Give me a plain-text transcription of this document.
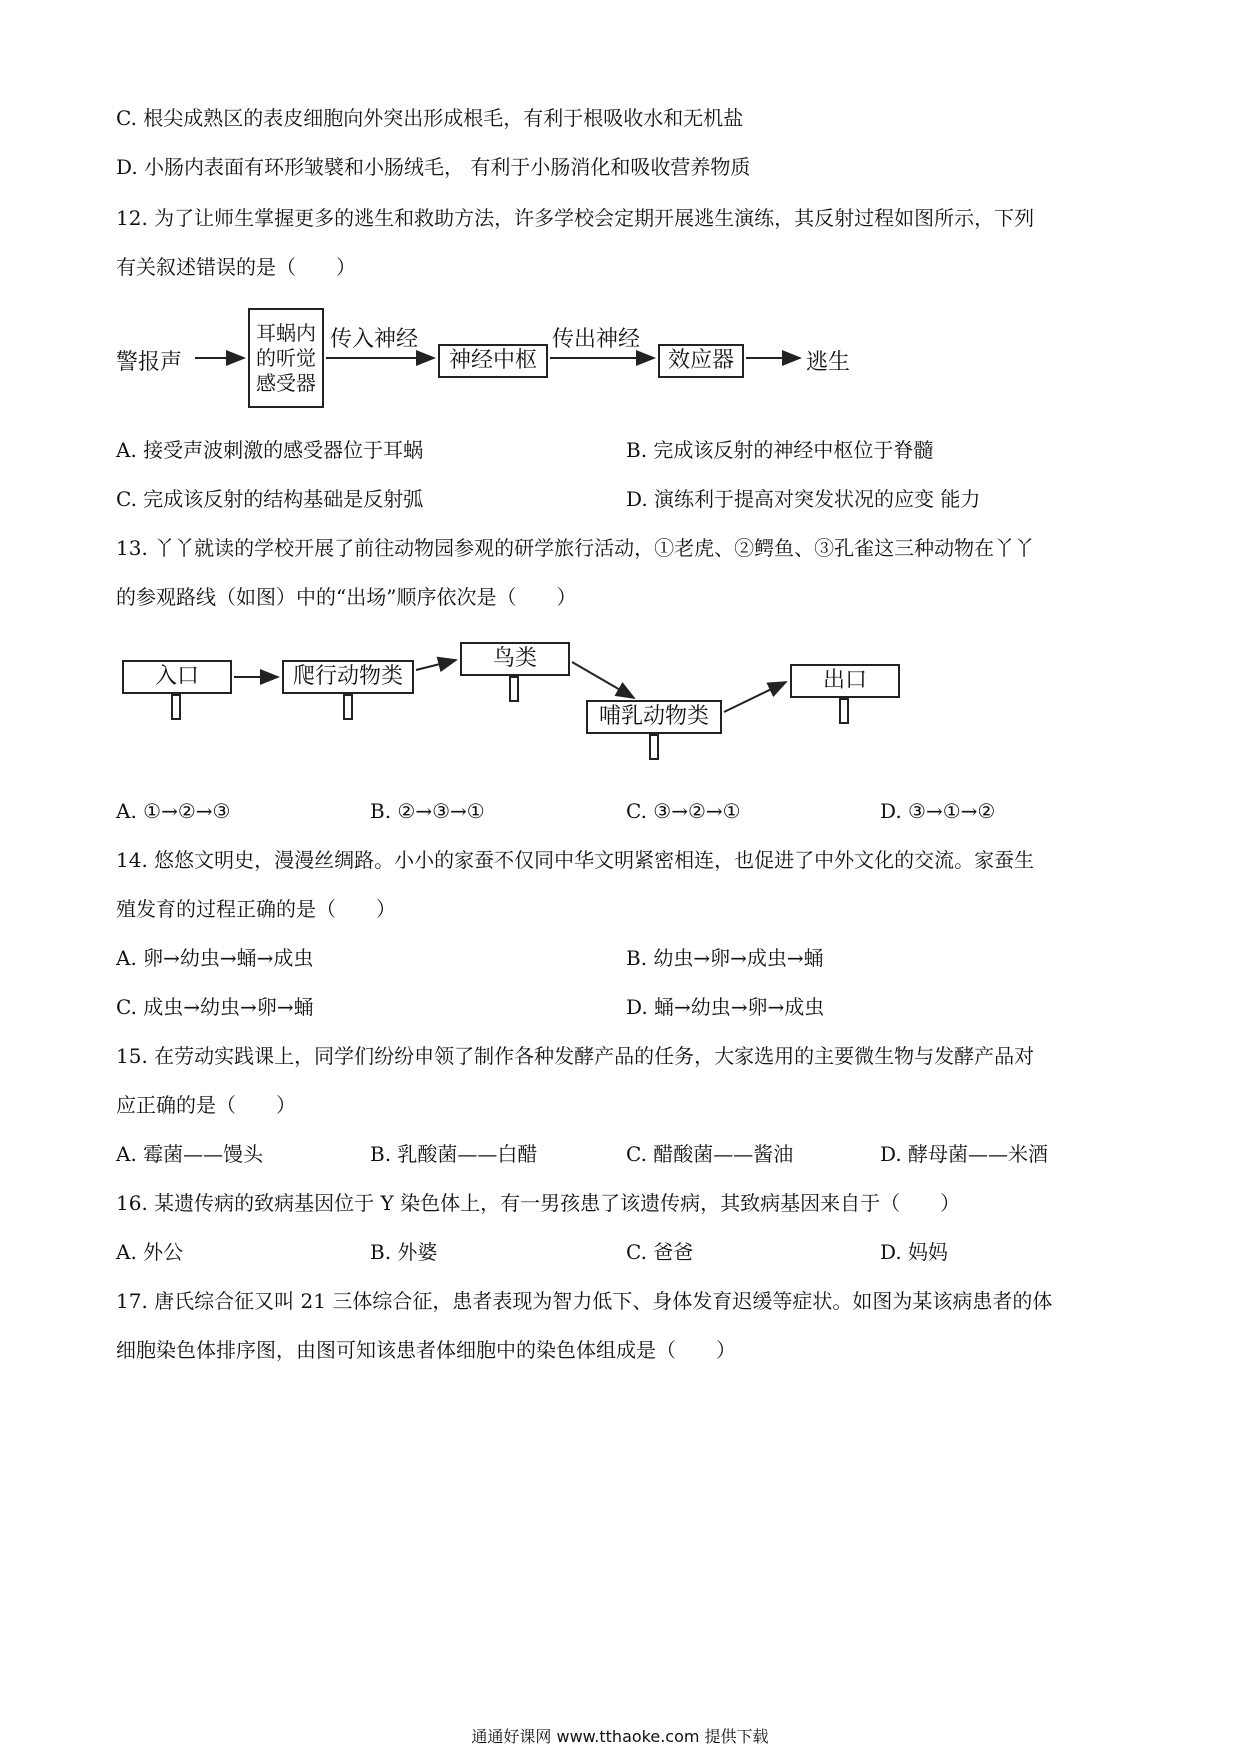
C. 根尖成熟区的表皮细胞向外突出形成根毛，有利于根吸收水和无机盐
D. 小肠内表面有环形皱襞和小肠绒毛， 有利于小肠消化和吸收营养物质
12. 为了让师生掌握更多的逃生和救助方法，许多学校会定期开展逃生演练，其反射过程如图所示，下列
有关叙述错误的是（　　）
警报声
耳蜗内的听觉感受器
传入神经
神经中枢
传出神经
效应器	逃生
A. 接受声波刺激的感受器位于耳蜗	B. 完成该反射的神经中枢位于脊髓
C. 完成该反射的结构基础是反射弧	D. 演练利于提高对突发状况的应变 能力
13. 丫丫就读的学校开展了前往动物园参观的研学旅行活动，①老虎、②鳄鱼、③孔雀这三种动物在丫丫
的参观路线（如图）中的“出场”顺序依次是（　　）
入口	爬行动物类
鸟类
哺乳动物类
出口
A. ①→②→③	B. ②→③→①	C. ③→②→①	D. ③→①→②
14. 悠悠文明史，漫漫丝绸路。小小的家蚕不仅同中华文明紧密相连，也促进了中外文化的交流。家蚕生
殖发育的过程正确的是（　　）
A. 卵→幼虫→蛹→成虫	B. 幼虫→卵→成虫→蛹
C. 成虫→幼虫→卵→蛹	D. 蛹→幼虫→卵→成虫
15. 在劳动实践课上，同学们纷纷申领了制作各种发酵产品的任务，大家选用的主要微生物与发酵产品对
应正确的是（　　）
A. 霉菌——馒头	B. 乳酸菌——白醋	C. 醋酸菌——酱油	D. 酵母菌——米酒
16. 某遗传病的致病基因位于 Y 染色体上，有一男孩患了该遗传病，其致病基因来自于（　　）
A. 外公	B. 外婆	C. 爸爸	D. 妈妈
17. 唐氏综合征又叫 21 三体综合征，患者表现为智力低下、身体发育迟缓等症状。如图为某该病患者的体
细胞染色体排序图，由图可知该患者体细胞中的染色体组成是（　　）
通通好课网 www.tthaoke.com 提供下载
